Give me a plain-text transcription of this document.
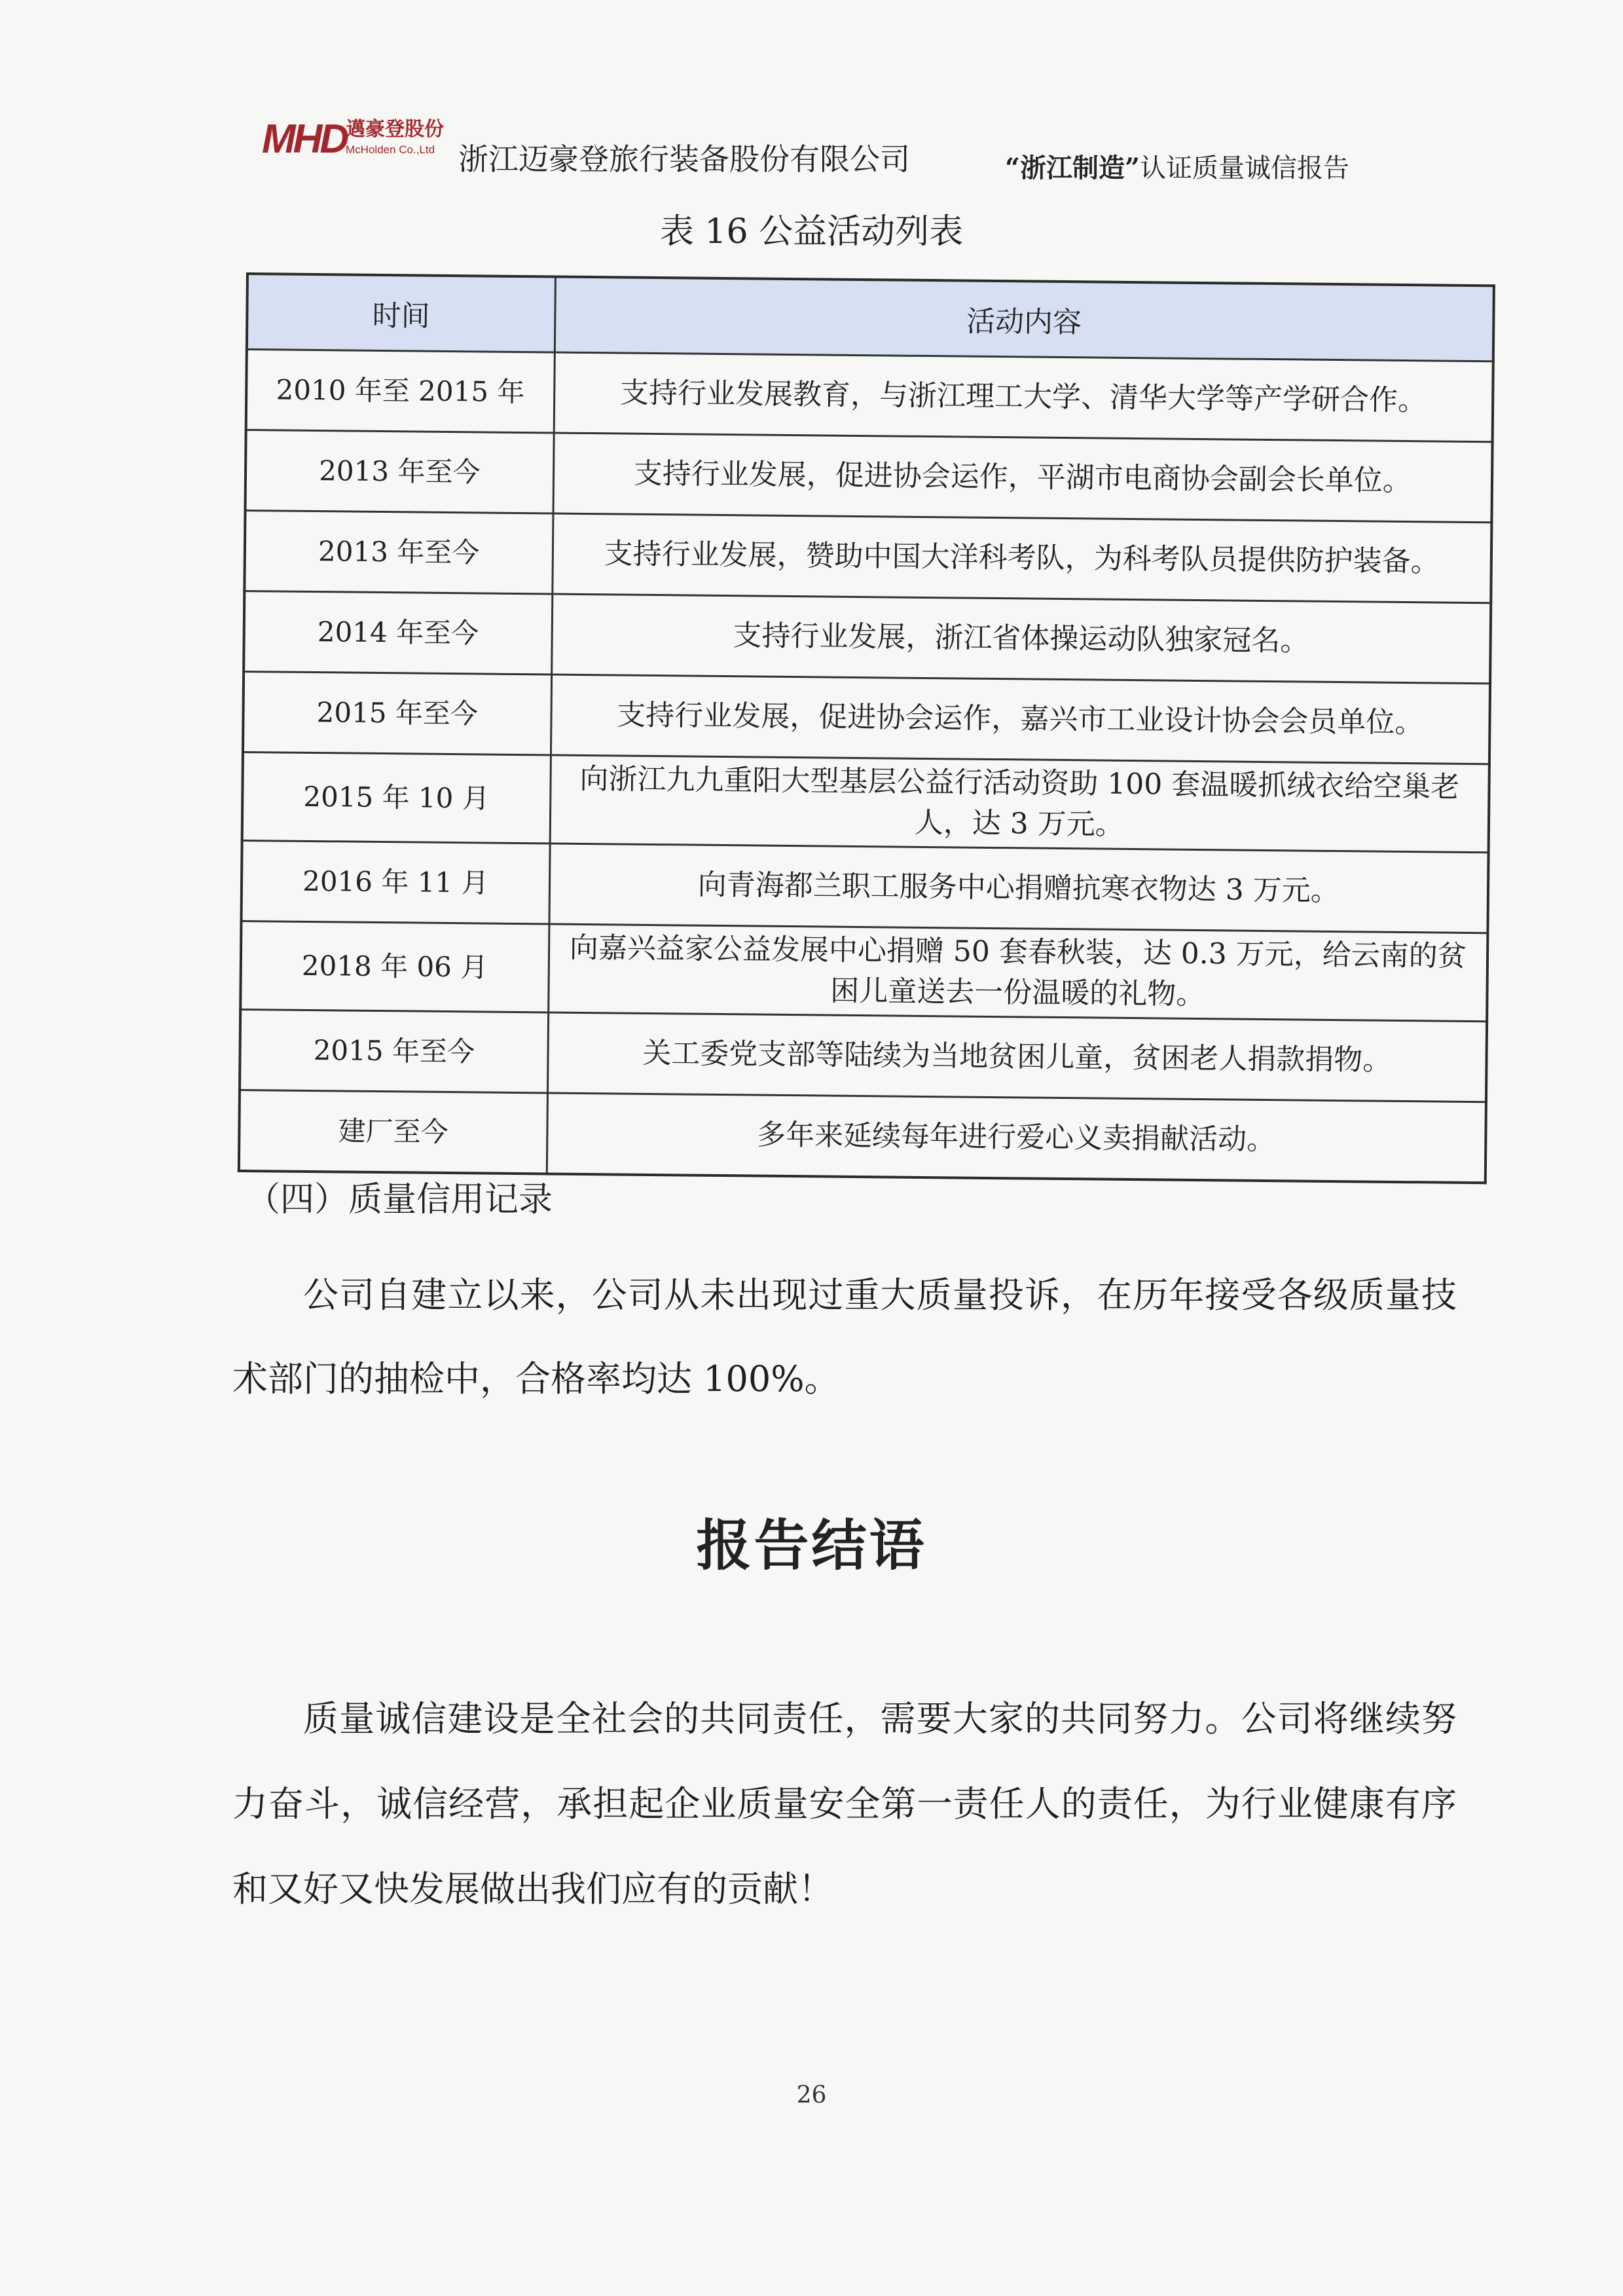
MHD
邁豪登股份
McHolden Co.,Ltd 浙江迈豪登旅行装备股份有限公司	“浙江制造”认证质量诚信报告
表 16 公益活动列表
时间	活动内容
2010 年至 2015 年	支持行业发展教育，与浙江理工大学、清华大学等产学研合作。
2013 年至今	支持行业发展，促进协会运作，平湖市电商协会副会长单位。
2013 年至今	支持行业发展，赞助中国大洋科考队，为科考队员提供防护装备。
2014 年至今	支持行业发展，浙江省体操运动队独家冠名。
2015 年至今	支持行业发展，促进协会运作，嘉兴市工业设计协会会员单位。
2015 年 10 月	向浙江九九重阳大型基层公益行活动资助 100 套温暖抓绒衣给空巢老人，达 3 万元。
2016 年 11 月	向青海都兰职工服务中心捐赠抗寒衣物达 3 万元。
2018 年 06 月	向嘉兴益家公益发展中心捐赠 50 套春秋装，达 0.3 万元，给云南的贫困儿童送去一份温暖的礼物。
2015 年至今	关工委党支部等陆续为当地贫困儿童，贫困老人捐款捐物。
建厂至今	多年来延续每年进行爱心义卖捐献活动。
（四）质量信用记录

公司自建立以来，公司从未出现过重大质量投诉，在历年接受各级质量技术部门的抽检中，合格率均达 100%。

报告结语

质量诚信建设是全社会的共同责任，需要大家的共同努力。公司将继续努力奋斗，诚信经营，承担起企业质量安全第一责任人的责任，为行业健康有序和又好又快发展做出我们应有的贡献！

26
